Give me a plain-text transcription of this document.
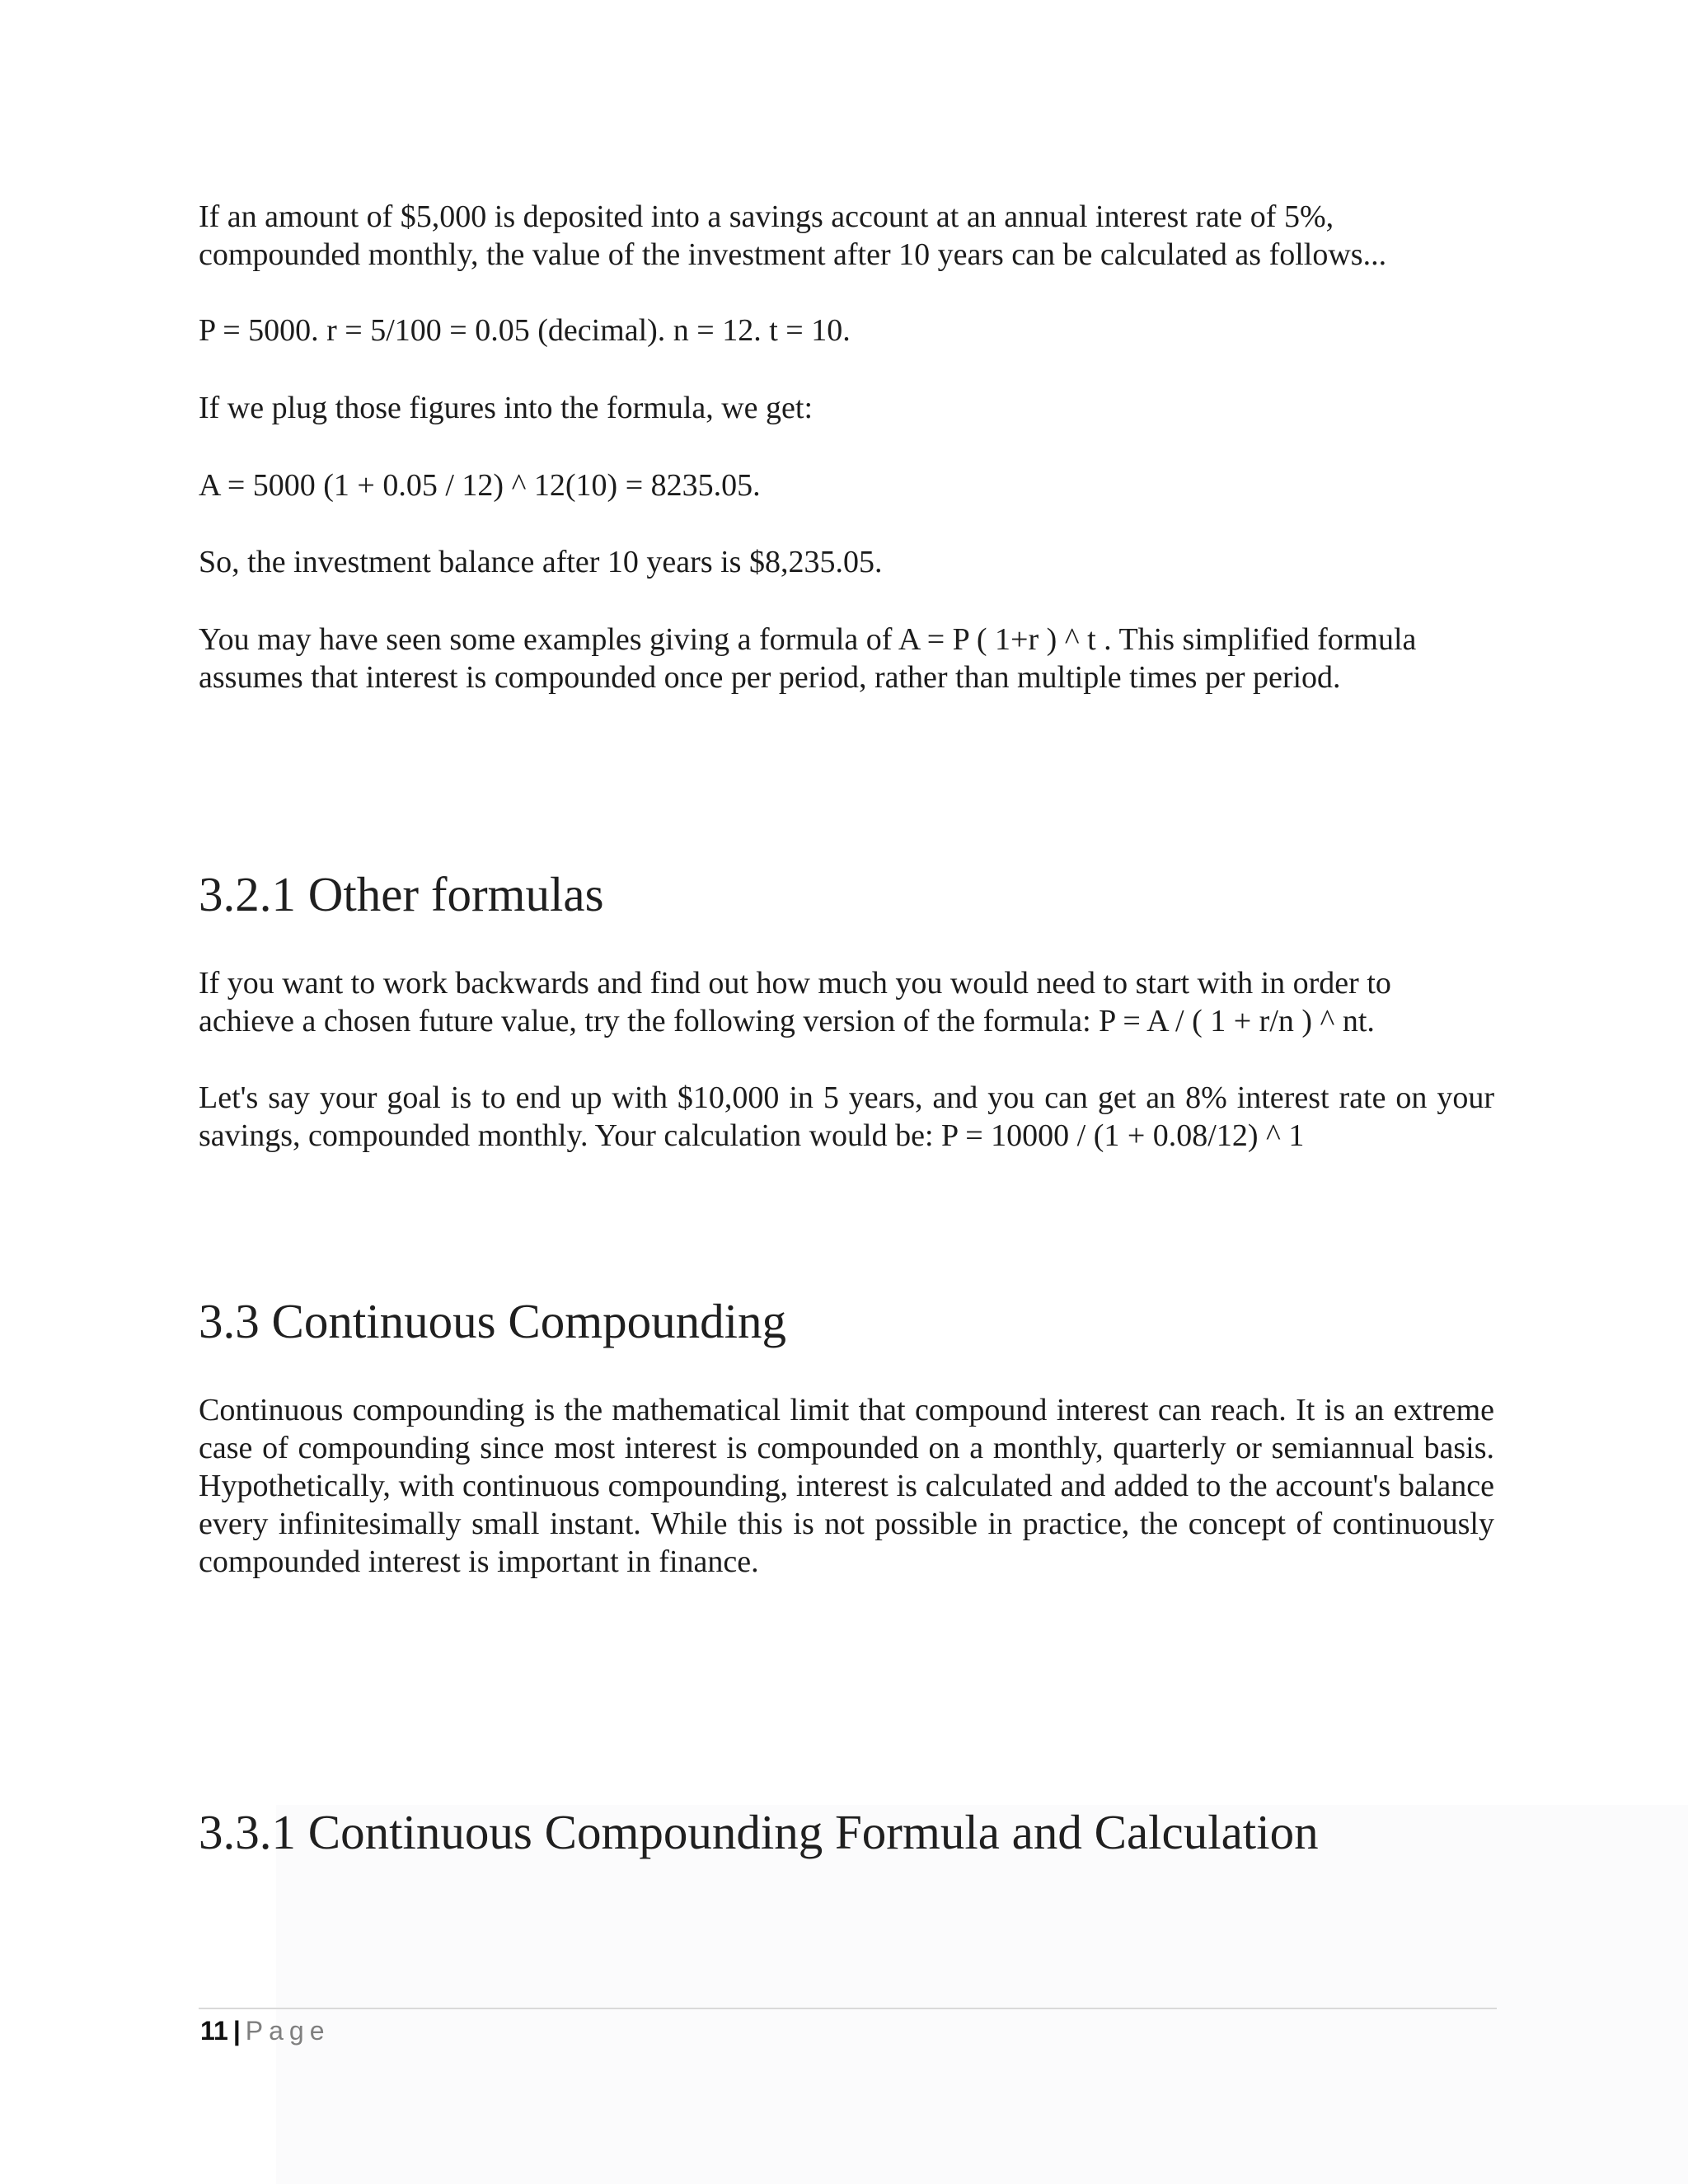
If an amount of $5,000 is deposited into a savings account at an annual interest rate of 5%, compounded monthly, the value of the investment after 10 years can be calculated as follows...

P = 5000. r = 5/100 = 0.05 (decimal). n = 12. t = 10.

If we plug those figures into the formula, we get:

A = 5000 (1 + 0.05 / 12) ^ 12(10) = 8235.05.

So, the investment balance after 10 years is $8,235.05.

You may have seen some examples giving a formula of A = P ( 1+r ) ^ t . This simplified formula assumes that interest is compounded once per period, rather than multiple times per period.

3.2.1 Other formulas

If you want to work backwards and find out how much you would need to start with in order to achieve a chosen future value, try the following version of the formula: P = A / ( 1 + r/n ) ^ nt.

Let's say your goal is to end up with $10,000 in 5 years, and you can get an 8% interest rate on your savings, compounded monthly. Your calculation would be: P = 10000 / (1 + 0.08/12) ^ 1

3.3 Continuous Compounding

Continuous compounding is the mathematical limit that compound interest can reach. It is an extreme case of compounding since most interest is compounded on a monthly, quarterly or semiannual basis. Hypothetically, with continuous compounding, interest is calculated and added to the account's balance every infinitesimally small instant. While this is not possible in practice, the concept of continuously compounded interest is important in finance.

3.3.1 Continuous Compounding Formula and Calculation
11 | Page
